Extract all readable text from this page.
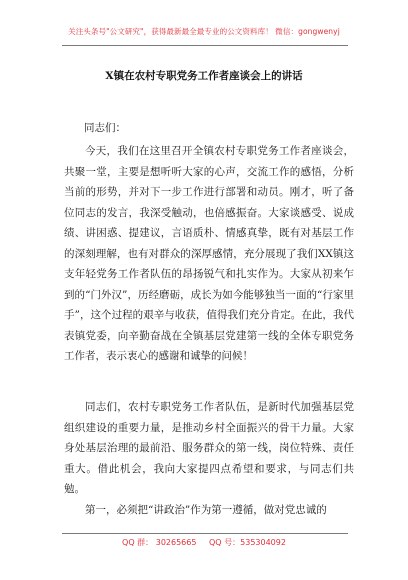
关注头条号"公文研究"，获得最新最全最专业的公文资料库！ 微信：gongwenyj
X镇在农村专职党务工作者座谈会上的讲话
同志们：

今天，我们在这里召开全镇农村专职党务工作者座谈会，共聚一堂，主要是想听听大家的心声，交流工作的感悟，分析当前的形势，并对下一步工作进行部署和动员。刚才，听了备位同志的发言，我深受触动，也倍感振奋。大家谈感受、说成绩、讲困惑、提建议，言语质朴、情感真挚，既有对基层工作的深刻理解，也有对群众的深厚感情，充分展现了我们XX镇这支年轻党务工作者队伍的昂扬锐气和扎实作为。大家从初来乍到的“门外汉”，历经磨砺，成长为如今能够独当一面的“行家里手”，这个过程的艰辛与收获，值得我们充分肯定。在此，我代表镇党委，向辛勤奋战在全镇基层党建第一线的全体专职党务工作者，表示衷心的感谢和诚挚的问候！

同志们，农村专职党务工作者队伍，是新时代加强基层党组织建设的重要力量，是推动乡村全面振兴的骨干力量。大家身处基层治理的最前沿、服务群众的第一线，岗位特殊、责任重大。借此机会，我向大家提四点希望和要求，与同志们共勉。

第一，必须把“讲政治”作为第一遵循，做对党忠诚的

QQ 群： 30265665 QQ 号：535304092
